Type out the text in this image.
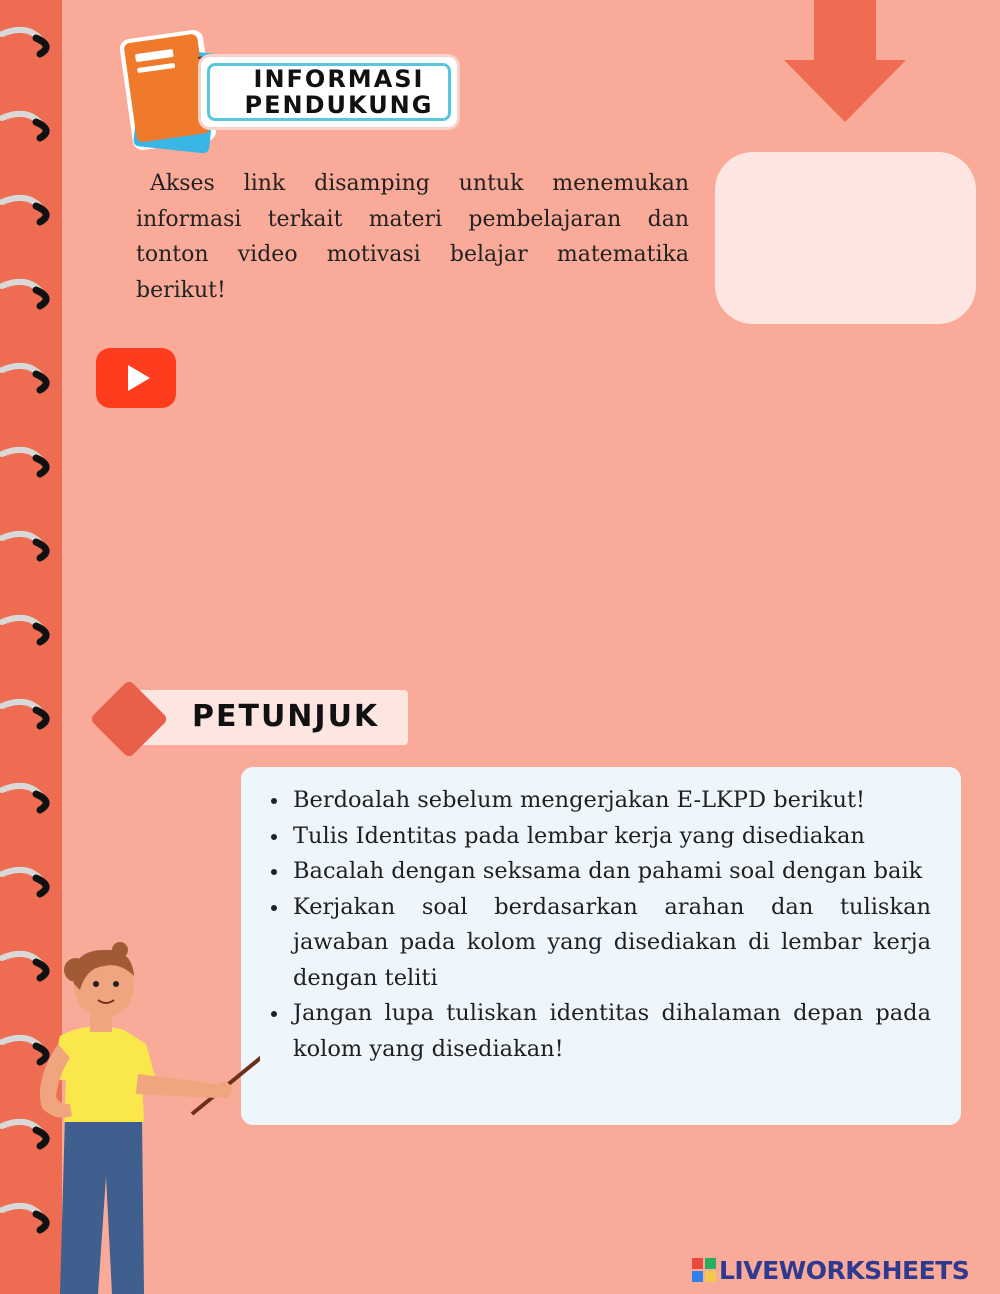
INFORMASI
PENDUKUNG

Akses link disamping untuk menemukan informasi terkait materi pembelajaran dan tonton video motivasi belajar matematika berikut!

PETUNJUK
Berdoalah sebelum mengerjakan E-LKPD berikut!
Tulis Identitas pada lembar kerja yang disediakan
Bacalah dengan seksama dan pahami soal dengan baik
Kerjakan soal berdasarkan arahan dan tuliskan jawaban pada kolom yang disediakan di lembar kerja dengan teliti
Jangan lupa tuliskan identitas dihalaman depan pada kolom yang disediakan!
LIVEWORKSHEETS
